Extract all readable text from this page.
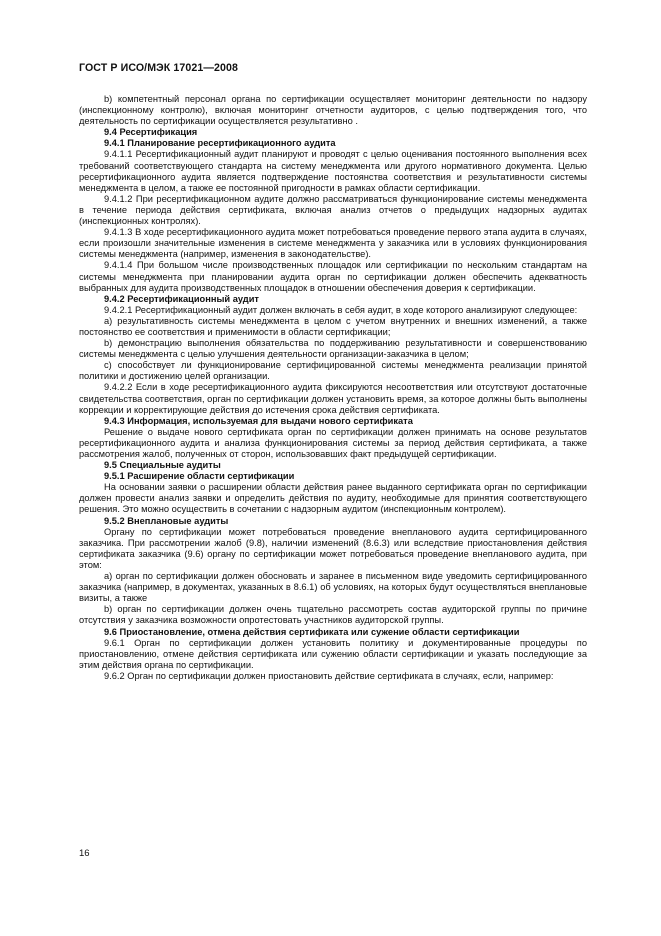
ГОСТ Р ИСО/МЭК 17021—2008

b) компетентный персонал органа по сертификации осуществляет мониторинг деятельности по надзору (инспекционному контролю), включая мониторинг отчетности аудиторов, с целью подтверждения того, что деятельность по сертификации осуществляется результативно .

9.4 Ресертификация

9.4.1 Планирование ресертификационного аудита

9.4.1.1 Ресертификационный аудит планируют и проводят с целью оценивания постоянного выполнения всех требований соответствующего стандарта на систему менеджмента или другого нормативного документа. Целью ресертификационного аудита является подтверждение постоянства соответствия и результативности системы менеджмента в целом, а также ее постоянной пригодности в рамках области сертификации.

9.4.1.2 При ресертификационном аудите должно рассматриваться функционирование системы менеджмента в течение периода действия сертификата, включая анализ отчетов о предыдущих надзорных аудитах (инспекционных контролях).

9.4.1.3 В ходе ресертификационного аудита может потребоваться проведение первого этапа аудита в случаях, если произошли значительные изменения в системе менеджмента у заказчика или в условиях функционирования системы менеджмента (например, изменения в законодательстве).

9.4.1.4 При большом числе производственных площадок или сертификации по нескольким стандартам на системы менеджмента при планировании аудита орган по сертификации должен обеспечить адекватность выбранных для аудита производственных площадок в отношении обеспечения доверия к сертификации.

9.4.2 Ресертификационный аудит

9.4.2.1 Ресертификационный аудит должен включать в себя аудит, в ходе которого анализируют следующее:

a) результативность системы менеджмента в целом с учетом внутренних и внешних изменений, а также постоянство ее соответствия и применимости в области сертификации;

b) демонстрацию выполнения обязательства по поддерживанию результативности и совершенствованию системы менеджмента с целью улучшения деятельности организации-заказчика в целом;

c) способствует ли функционирование сертифицированной системы менеджмента реализации принятой политики и достижению целей организации.

9.4.2.2 Если в ходе ресертификационного аудита фиксируются несоответствия или отсутствуют достаточные свидетельства соответствия, орган по сертификации должен установить время, за которое должны быть выполнены коррекции и корректирующие действия до истечения срока действия сертификата.

9.4.3 Информация, используемая для выдачи нового сертификата

Решение о выдаче нового сертификата орган по сертификации должен принимать на основе результатов ресертификационного аудита и анализа функционирования системы за период действия сертификата, а также рассмотрения жалоб, полученных от сторон, использовавших факт предыдущей сертификации.

9.5 Специальные аудиты

9.5.1 Расширение области сертификации

На основании заявки о расширении области действия ранее выданного сертификата орган по сертификации должен провести анализ заявки и определить действия по аудиту, необходимые для принятия соответствующего решения. Это можно осуществить в сочетании с надзорным аудитом (инспекционным контролем).

9.5.2 Внеплановые аудиты

Органу по сертификации может потребоваться проведение внепланового аудита сертифицированного заказчика. При рассмотрении жалоб (9.8), наличии изменений (8.6.3) или вследствие приостановления действия сертификата заказчика (9.6) органу по сертификации может потребоваться проведение внепланового аудита, при этом:

a) орган по сертификации должен обосновать и заранее в письменном виде уведомить сертифицированного заказчика (например, в документах, указанных в 8.6.1) об условиях, на которых будут осуществляться внеплановые визиты, а также

b) орган по сертификации должен очень тщательно рассмотреть состав аудиторской группы по причине отсутствия у заказчика возможности опротестовать участников аудиторской группы.

9.6 Приостановление, отмена действия сертификата или сужение области сертификации

9.6.1 Орган по сертификации должен установить политику и документированные процедуры по приостановлению, отмене действия сертификата или сужению области сертификации и указать последующие за этим действия органа по сертификации.

9.6.2 Орган по сертификации должен приостановить действие сертификата в случаях, если, например:

16
